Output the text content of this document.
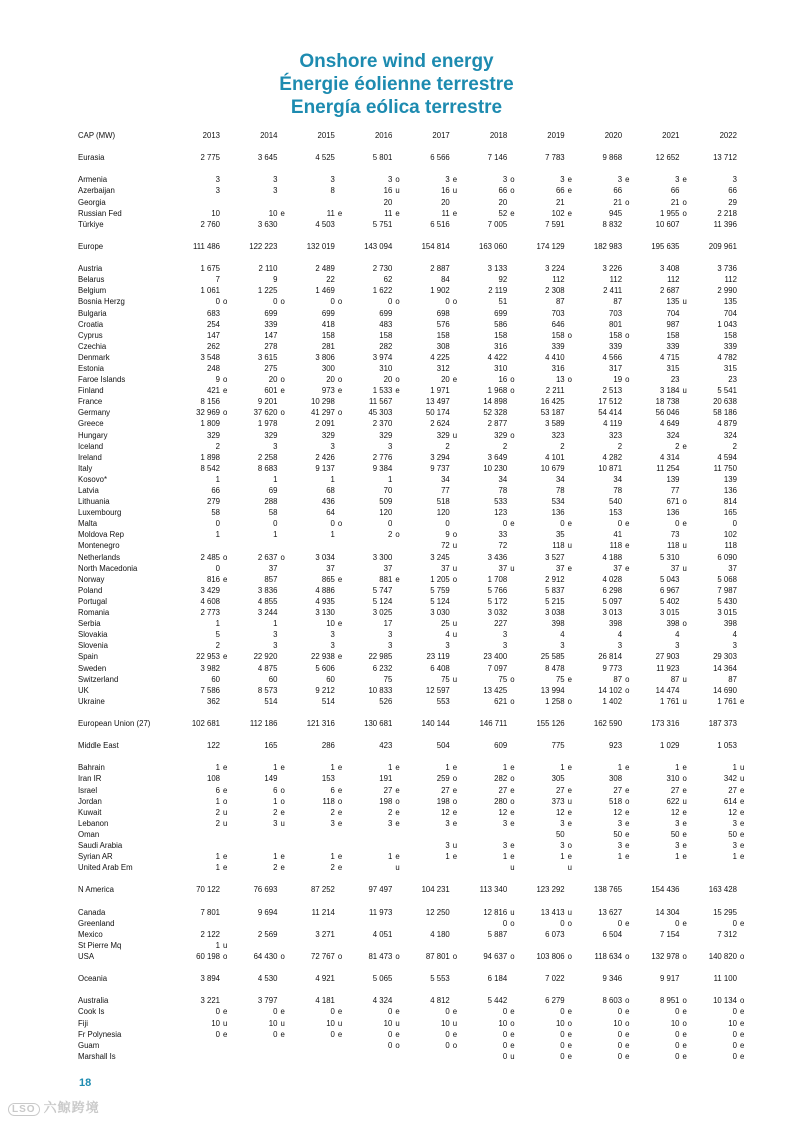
Onshore wind energy
Énergie éolienne terrestre
Energía eólica terrestre
CAP (MW)	2013		2014		2015		2016		2017		2018		2019		2020		2021		2022	

Eurasia	2 775		3 645		4 525		5 801		6 566		7 146		7 783		9 868		12 652		13 712	

Armenia	3		3		3		3	o	3	e	3	o	3	e	3	e	3	e	3	
Azerbaijan	3		3		8		16	u	16	u	66	o	66	e	66		66		66	
Georgia							20		20		20		21		21	o	21	o	29	
Russian Fed	10		10	e	11	e	11	e	11	e	52	e	102	e	945		1 955	o	2 218	
Türkiye	2 760		3 630		4 503		5 751		6 516		7 005		7 591		8 832		10 607		11 396	

Europe	111 486		122 223		132 019		143 094		154 814		163 060		174 129		182 983		195 635		209 961	

Austria	1 675		2 110		2 489		2 730		2 887		3 133		3 224		3 226		3 408		3 736	
Belarus	7		9		22		62		84		92		112		112		112		112	
Belgium	1 061		1 225		1 469		1 622		1 902		2 119		2 308		2 411		2 687		2 990	
Bosnia Herzg	0	o	0	o	0	o	0	o	0	o	51		87		87		135	u	135	
Bulgaria	683		699		699		699		698		699		703		703		704		704	
Croatia	254		339		418		483		576		586		646		801		987		1 043	
Cyprus	147		147		158		158		158		158		158	o	158	o	158		158	
Czechia	262		278		281		282		308		316		339		339		339		339	
Denmark	3 548		3 615		3 806		3 974		4 225		4 422		4 410		4 566		4 715		4 782	
Estonia	248		275		300		310		312		310		316		317		315		315	
Faroe Islands	9	o	20	o	20	o	20	o	20	e	16	o	13	o	19	o	23		23	
Finland	421	e	601	e	973	e	1 533	e	1 971		1 968	o	2 211		2 513		3 184	u	5 541	
France	8 156		9 201		10 298		11 567		13 497		14 898		16 425		17 512		18 738		20 638	
Germany	32 969	o	37 620	o	41 297	o	45 303		50 174		52 328		53 187		54 414		56 046		58 186	
Greece	1 809		1 978		2 091		2 370		2 624		2 877		3 589		4 119		4 649		4 879	
Hungary	329		329		329		329		329	u	329	o	323		323		324		324	
Iceland	2		3		3		3		2		2		2		2		2	e	2	
Ireland	1 898		2 258		2 426		2 776		3 294		3 649		4 101		4 282		4 314		4 594	
Italy	8 542		8 683		9 137		9 384		9 737		10 230		10 679		10 871		11 254		11 750	
Kosovo*	1		1		1		1		34		34		34		34		139		139	
Latvia	66		69		68		70		77		78		78		78		77		136	
Lithuania	279		288		436		509		518		533		534		540		671	o	814	
Luxembourg	58		58		64		120		120		123		136		153		136		165	
Malta	0		0		0	o	0		0		0	e	0	e	0	e	0	e	0	
Moldova Rep	1		1		1		2	o	9	o	33		35		41		73		102	
Montenegro									72	u	72		118	u	118	e	118	u	118	
Netherlands	2 485	o	2 637	o	3 034		3 300		3 245		3 436		3 527		4 188		5 310		6 090	
North Macedonia	0		37		37		37		37	u	37	u	37	e	37	e	37	u	37	
Norway	816	e	857		865	e	881	e	1 205	o	1 708		2 912		4 028		5 043		5 068	
Poland	3 429		3 836		4 886		5 747		5 759		5 766		5 837		6 298		6 967		7 987	
Portugal	4 608		4 855		4 935		5 124		5 124		5 172		5 215		5 097		5 402		5 430	
Romania	2 773		3 244		3 130		3 025		3 030		3 032		3 038		3 013		3 015		3 015	
Serbia	1		1		10	e	17		25	u	227		398		398		398	o	398	
Slovakia	5		3		3		3		4	u	3		4		4		4		4	
Slovenia	2		3		3		3		3		3		3		3		3		3	
Spain	22 953	e	22 920		22 938	e	22 985		23 119		23 400		25 585		26 814		27 903		29 303	
Sweden	3 982		4 875		5 606		6 232		6 408		7 097		8 478		9 773		11 923		14 364	
Switzerland	60		60		60		75		75	u	75	o	75	e	87	o	87	u	87	
UK	7 586		8 573		9 212		10 833		12 597		13 425		13 994		14 102	o	14 474		14 690	
Ukraine	362		514		514		526		553		621	o	1 258	o	1 402		1 761	u	1 761	e

European Union (27)	102 681		112 186		121 316		130 681		140 144		146 711		155 126		162 590		173 316		187 373	

Middle East	122		165		286		423		504		609		775		923		1 029		1 053	

Bahrain	1	e	1	e	1	e	1	e	1	e	1	e	1	e	1	e	1	e	1	u
Iran IR	108		149		153		191		259	o	282	o	305		308		310	o	342	u
Israel	6	e	6	o	6	e	27	e	27	e	27	e	27	e	27	e	27	e	27	e
Jordan	1	o	1	o	118	o	198	o	198	o	280	o	373	u	518	o	622	u	614	e
Kuwait	2	u	2	e	2	e	2	e	12	e	12	e	12	e	12	e	12	e	12	e
Lebanon	2	u	3	u	3	e	3	e	3	e	3	e	3	e	3	e	3	e	3	e
Oman													50		50	e	50	e	50	e
Saudi Arabia									3	u	3	e	3	o	3	e	3	e	3	e
Syrian AR	1	e	1	e	1	e	1	e	1	e	1	e	1	e	1	e	1	e	1	e
United Arab Em	1	e	2	e	2	e		u				u		u						

N America	70 122		76 693		87 252		97 497		104 231		113 340		123 292		138 765		154 436		163 428	

Canada	7 801		9 694		11 214		11 973		12 250		12 816	u	13 413	u	13 627		14 304		15 295	
Greenland											0	o	0	o	0	e	0	e	0	e
Mexico	2 122		2 569		3 271		4 051		4 180		5 887		6 073		6 504		7 154		7 312	
St Pierre Mq	1	u																		
USA	60 198	o	64 430	o	72 767	o	81 473	o	87 801	o	94 637	o	103 806	o	118 634	o	132 978	o	140 820	o

Oceania	3 894		4 530		4 921		5 065		5 553		6 184		7 022		9 346		9 917		11 100	

Australia	3 221		3 797		4 181		4 324		4 812		5 442		6 279		8 603	o	8 951	o	10 134	o
Cook Is	0	e	0	e	0	e	0	e	0	e	0	e	0	e	0	e	0	e	0	e
Fiji	10	u	10	u	10	u	10	u	10	u	10	o	10	o	10	o	10	o	10	e
Fr Polynesia	0	e	0	e	0	e	0	e	0	e	0	e	0	e	0	e	0	e	0	e
Guam							0	o	0	o	0	e	0	e	0	e	0	e	0	e
Marshall Is											0	u	0	e	0	e	0	e	0	e
18
LSO 六鲸跨境
